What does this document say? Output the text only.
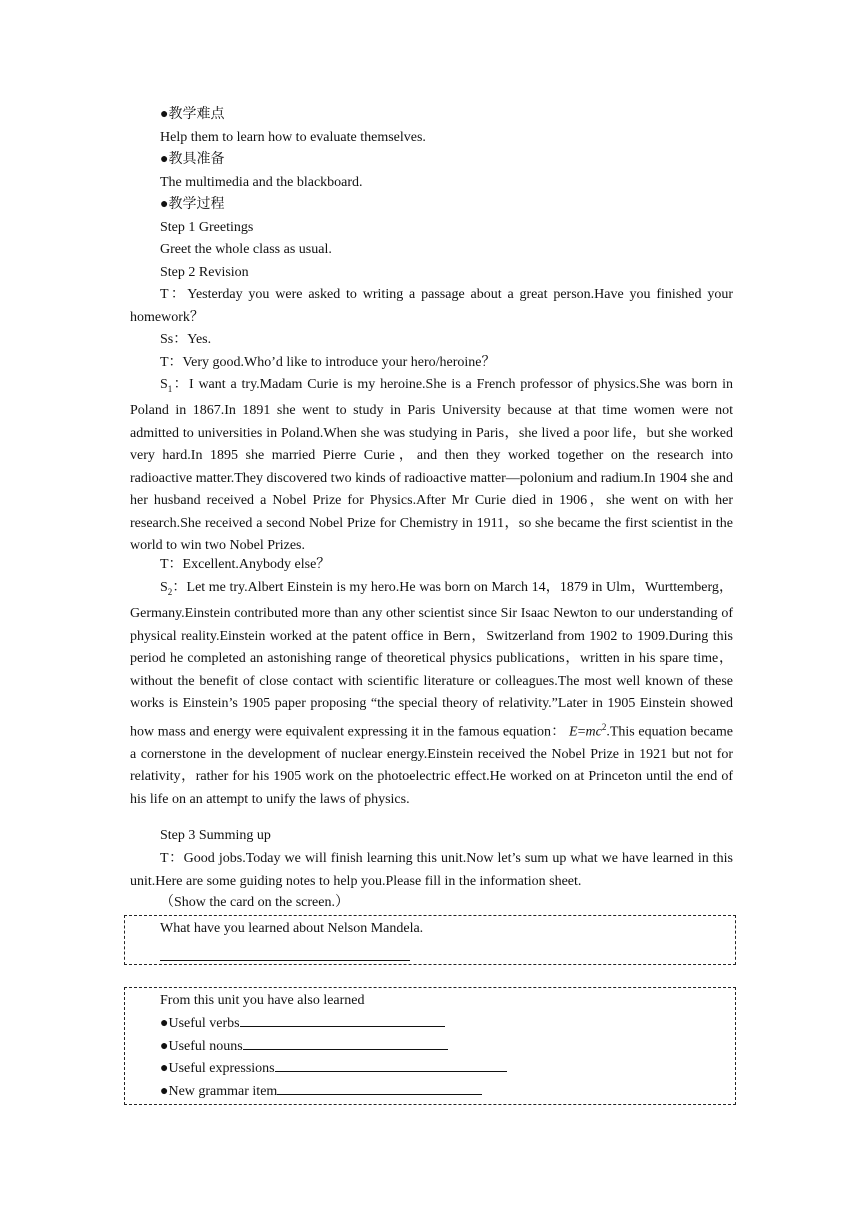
●教学难点
Help them to learn how to evaluate themselves.
●教具准备
The multimedia and the blackboard.
●教学过程
Step 1 Greetings
Greet the whole class as usual.
Step 2 Revision
T：Yesterday you were asked to writing a passage about a great person.Have you finished your homework？
Ss：Yes.
T：Very good.Who’d like to introduce your hero/heroine？
$S_1$：I want a try.Madam Curie is my heroine.She is a French professor of physics.She was born in Poland in 1867.In 1891 she went to study in Paris University because at that time women were not admitted to universities in Poland.When she was studying in Paris，she lived a poor life，but she worked very hard.In 1895 she married Pierre Curie，and then they worked together on the research into radioactive matter.They discovered two kinds of radioactive matter—polonium and radium.In 1904 she and her husband received a Nobel Prize for Physics.After Mr Curie died in 1906，she went on with her research.She received a second Nobel Prize for Chemistry in 1911，so she became the first scientist in the world to win two Nobel Prizes.
T：Excellent.Anybody else？
$S_2$：Let me try.Albert Einstein is my hero.He was born on March 14，1879 in Ulm，Wurttemberg，Germany.Einstein contributed more than any other scientist since Sir Isaac Newton to our understanding of physical reality.Einstein worked at the patent office in Bern，Switzerland from 1902 to 1909.During this period he completed an astonishing range of theoretical physics publications，written in his spare time，without the benefit of close contact with scientific literature or colleagues.The most well known of these works is Einstein’s 1905 paper proposing “the special theory of relativity.”Later in 1905 Einstein showed how mass and energy were equivalent expressing it in the famous equation： $E=mc^2.This$ equation became a cornerstone in the development of nuclear energy.Einstein received the Nobel Prize in 1921 but not for relativity，rather for his 1905 work on the photoelectric effect.He worked on at Princeton until the end of his life on an attempt to unify the laws of physics.
Step 3 Summing up
T：Good jobs.Today we will finish learning this unit.Now let’s sum up what we have learned in this unit.Here are some guiding notes to help you.Please fill in the information sheet.
（Show the card on the screen.）
What have you learned about Nelson Mandela.
From this unit you have also learned
●Useful verbs
●Useful nouns
●Useful expressions
●New grammar item
